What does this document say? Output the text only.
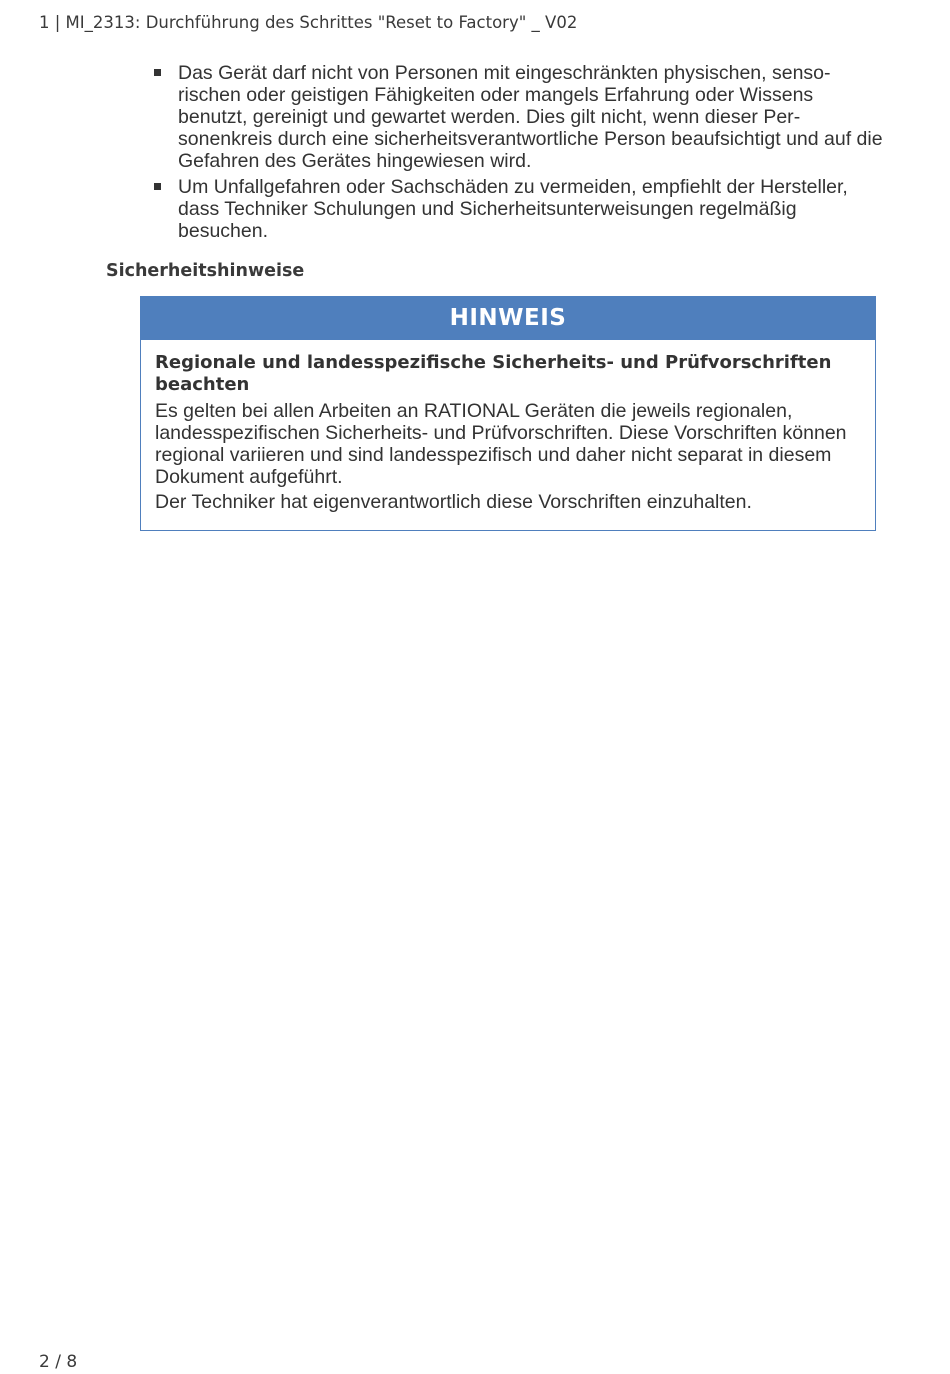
1 | MI_2313: Durchführung des Schrittes "Reset to Factory" _ V02
Das Gerät darf nicht von Personen mit eingeschränkten physischen, sensorischen oder geistigen Fähigkeiten oder mangels Erfahrung oder Wissens benutzt, gereinigt und gewartet werden. Dies gilt nicht, wenn dieser Personenkreis durch eine sicherheitsverantwortliche Person beaufsichtigt und auf die Gefahren des Gerätes hingewiesen wird.
Um Unfallgefahren oder Sachschäden zu vermeiden, empfiehlt der Hersteller, dass Techniker Schulungen und Sicherheitsunterweisungen regelmäßig besuchen.
Sicherheitshinweise
HINWEIS

Regionale und landesspezifische Sicherheits- und Prüfvorschriften beachten

Es gelten bei allen Arbeiten an RATIONAL Geräten die jeweils regionalen, landesspezifischen Sicherheits- und Prüfvorschriften. Diese Vorschriften können regional variieren und sind landesspezifisch und daher nicht separat in diesem Dokument aufgeführt.

Der Techniker hat eigenverantwortlich diese Vorschriften einzuhalten.

2 / 8
